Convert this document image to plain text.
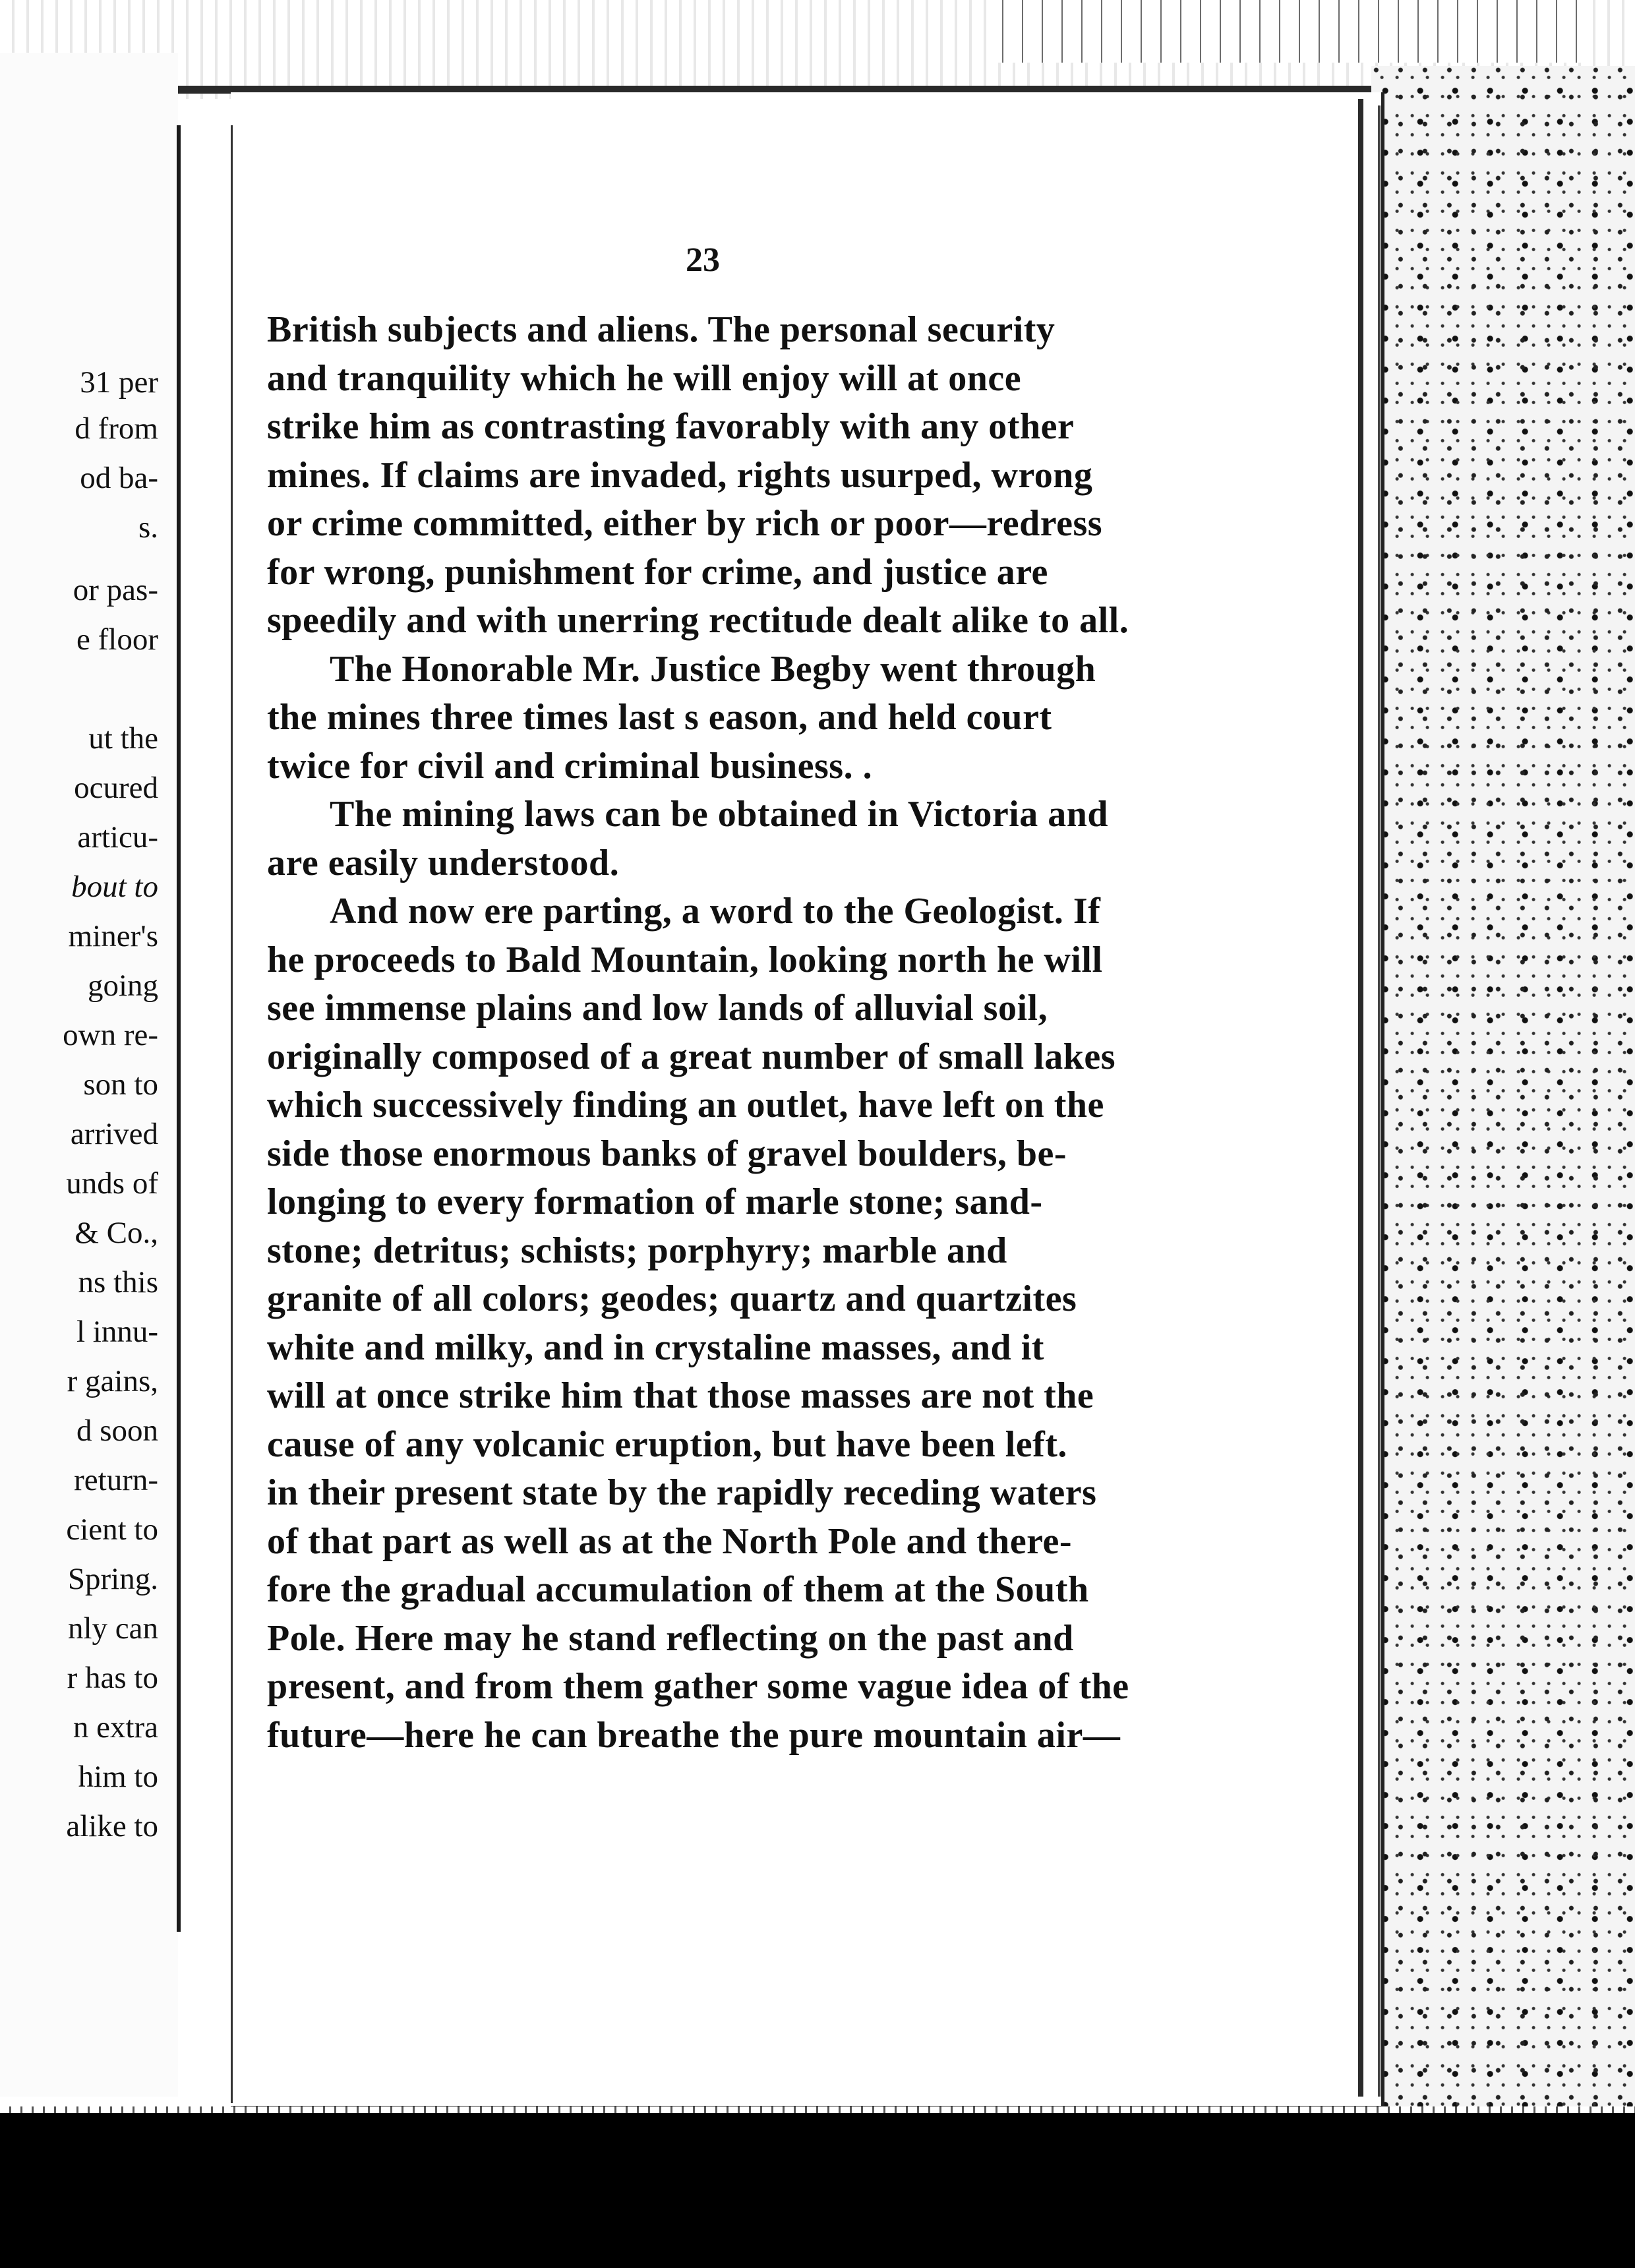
31 per
d from
od ba-
s.
or pas-
e floor
ut the
ocured
articu-
bout to
miner's
going
own re-
son to
arrived
unds of
& Co.,
ns this
l innu-
r gains,
d soon
return-
cient to
Spring.
nly can
r has to
n extra
him to
alike to
23
British subjects and aliens. The personal security
and tranquility which he will enjoy will at once
strike him as contrasting favorably with any other
mines. If claims are invaded, rights usurped, wrong
or crime committed, either by rich or poor—redress
for wrong, punishment for crime, and justice are
speedily and with unerring rectitude dealt alike to all.
The Honorable Mr. Justice Begby went through
the mines three times last s eason, and held court
twice for civil and criminal business. .
The mining laws can be obtained in Victoria and
are easily understood.
And now ere parting, a word to the Geologist. If
he proceeds to Bald Mountain, looking north he will
see immense plains and low lands of alluvial soil,
originally composed of a great number of small lakes
which successively finding an outlet, have left on the
side those enormous banks of gravel boulders, be-
longing to every formation of marle stone; sand-
stone; detritus; schists; porphyry; marble and
granite of all colors; geodes; quartz and quartzites
white and milky, and in crystaline masses, and it
will at once strike him that those masses are not the
cause of any volcanic eruption, but have been left.
in their present state by the rapidly receding waters
of that part as well as at the North Pole and there-
fore the gradual accumulation of them at the South
Pole. Here may he stand reflecting on the past and
present, and from them gather some vague idea of the
future—here he can breathe the pure mountain air—
